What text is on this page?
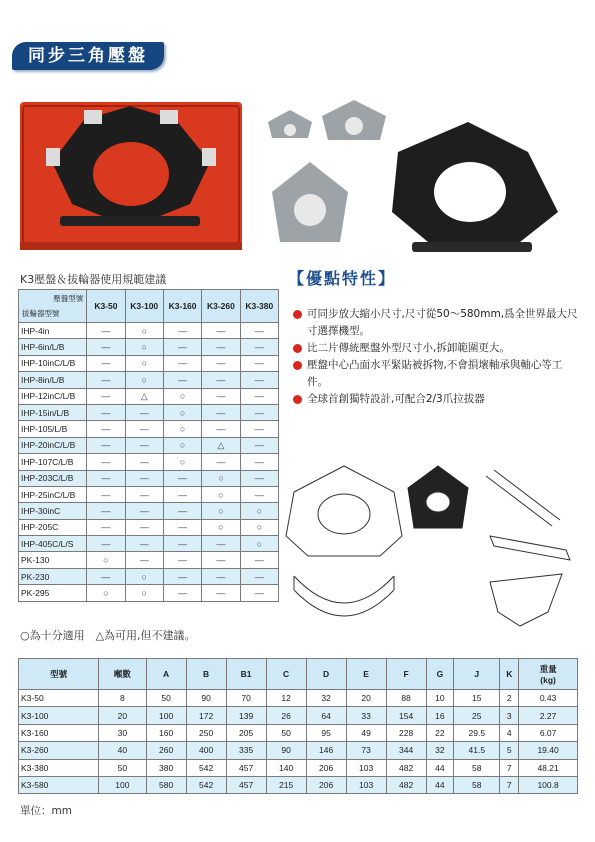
同步三角壓盤
K3壓盤＆拔輪器使用規範建議
壓盤型號
拔輪器型號	K3-50	K3-100	K3-160	K3-260	K3-380
IHP-4in	—	○	—	—	—
IHP-6in/L/B	—	○	—	—	—
IHP-10inC/L/B	—	○	—	—	—
IHP-8in/L/B	—	○	—	—	—
IHP-12inC/L/B	—	△	○	—	—
IHP-15in/L/B	—	—	○	—	—
IHP-105/L/B	—	—	○	—	—
IHP-20inC/L/B	—	—	○	△	—
IHP-107C/L/B	—	—	○	—	—
IHP-203C/L/B	—	—	—	○	—
IHP-25inC/L/B	—	—	—	○	—
IHP-30inC	—	—	—	○	○
IHP-205C	—	—	—	○	○
IHP-405C/L/S	—	—	—	—	○
PK-130	○	—	—	—	—
PK-230	—	○	—	—	—
PK-295	○	○	—	—	—
○為十分適用　△為可用,但不建議。
【優點特性】
可同步放大縮小尺寸,尺寸從50～580mm,爲全世界最大尺寸選擇機型。
比二片傳統壓盤外型尺寸小,拆卸範圍更大。
壓盤中心凸面水平緊貼被拆物,不會損壞軸承與軸心等工件。
全球首創獨特設計,可配合2/3爪拉拔器
型號	噸數	A	B	B1	C	D	E	F	G	J	K	重量
(kg)
K3-50	8	50	90	70	12	32	20	88	10	15	2	0.43
K3-100	20	100	172	139	26	64	33	154	16	25	3	2.27
K3-160	30	160	250	205	50	95	49	228	22	29.5	4	6.07
K3-260	40	260	400	335	90	146	73	344	32	41.5	5	19.40
K3-380	50	380	542	457	140	206	103	482	44	58	7	48.21
K3-580	100	580	542	457	215	206	103	482	44	58	7	100.8
單位：mm
